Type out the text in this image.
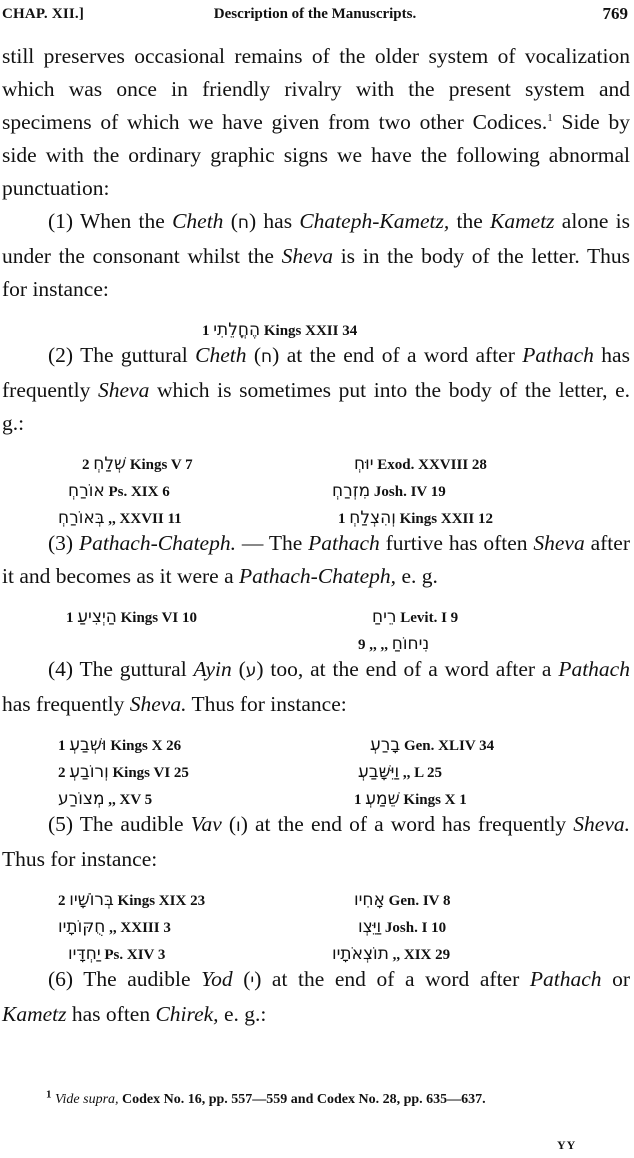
CHAP. XII.]	Description of the Manuscripts.	769

still preserves occasional remains of the older system of vocalization which was once in friendly rivalry with the present system and specimens of which we have given from two other Codices.$^1$ Side by side with the ordinary graphic signs we have the following abnormal punctuation:

(1) When the Cheth (ח) has Chateph-Kametz, the Kametz alone is under the consonant whilst the Sheva is in the body of the letter. Thus for instance:

הֶחֳלֵתִי 1 Kings XXII 34

(2) The guttural Cheth (ח) at the end of a word after Pathach has frequently Sheva which is sometimes put into the body of the letter, e. g.:

שְׁלַחְ 2 Kings V 7	יוּחְ Exod. XXVIII 28
אוֹרַחְ Ps. XIX 6	מִזְרַחְ Josh. IV 19
בְּאוֹרַחְ ,, XXVII 11	וְהִצְלַחְ 1 Kings XXII 12

(3) Pathach-Chateph. — The Pathach furtive has often Sheva after it and becomes as it were a Pathach-Chateph, e. g.

הַיְצִיעַ 1 Kings VI 10	רֵיחַ Levit. I 9
נִיחוֹחַ ,, ,, 9

(4) The guttural Ayin (ע) too, at the end of a word after a Pathach has frequently Sheva. Thus for instance:

וּשְׁבַעְ 1 Kings X 26	בָרַעְ Gen. XLIV 34
וְרוֹבַעְ 2 Kings VI 25	וַיִּשָּׁבַעְ ,, L 25
מְצוֹרַע ,, XV 5	שֵׁמַעְ 1 Kings X 1

(5) The audible Vav (ו) at the end of a word has frequently Sheva. Thus for instance:

בְּרוֹשָׁיו 2 Kings XIX 23	אָחִיו Gen. IV 8
חֻקּוֹתָיו ,, XXIII 3	וַיֵּצְו Josh. I 10
יַחְדָּיו Ps. XIV 3	תוֹצְאֹתָיו ,, XIX 29

(6) The audible Yod (י) at the end of a word after Pathach or Kametz has often Chirek, e. g.:

$^1$ Vide supra, Codex No. 16, pp. 557—559 and Codex No. 28, pp. 635—637.
YY
